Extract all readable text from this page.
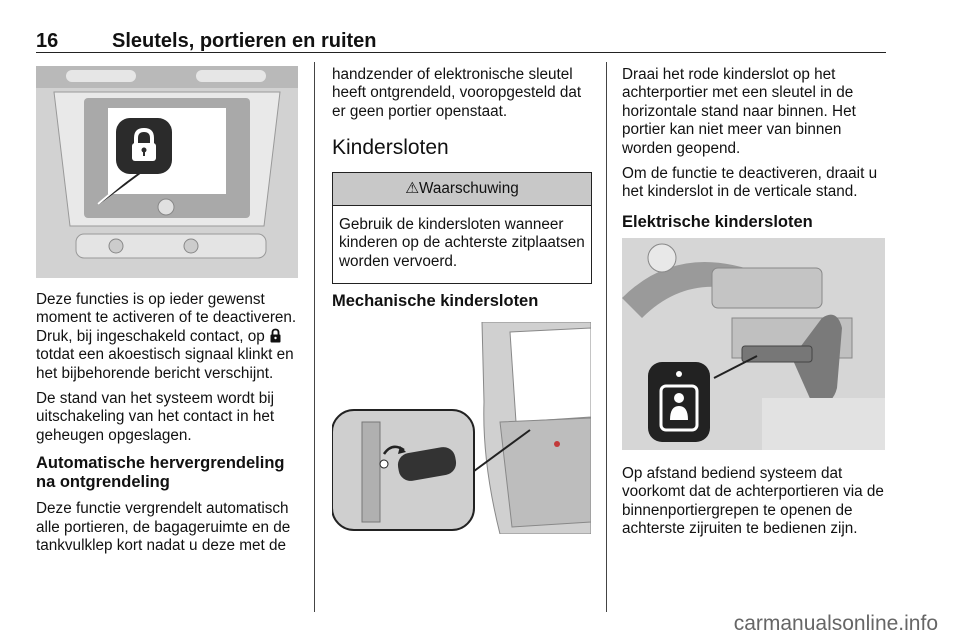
16	Sleutels, portieren en ruiten

Deze functies is op ieder gewenst moment te activeren of te deactiveren. Druk, bij ingeschakeld contact, op  totdat een akoestisch signaal klinkt en het bijbehorende bericht verschijnt.

De stand van het systeem wordt bij uitschakeling van het contact in het geheugen opgeslagen.

Automatische hervergrendeling na ontgrendeling

Deze functie vergrendelt automatisch alle portieren, de bagageruimte en de tankvulklep kort nadat u deze met de

handzender of elektronische sleutel heeft ontgrendeld, vooropgesteld dat er geen portier openstaat.

Kindersloten
⚠Waarschuwing

Gebruik de kindersloten wanneer kinderen op de achterste zitplaatsen worden vervoerd.

Mechanische kindersloten

Draai het rode kinderslot op het achterportier met een sleutel in de horizontale stand naar binnen. Het portier kan niet meer van binnen worden geopend.

Om de functie te deactiveren, draait u het kinderslot in de verticale stand.

Elektrische kindersloten

Op afstand bediend systeem dat voorkomt dat de achterportieren via de binnenportiergrepen te openen de achterste zijruiten te bedienen zijn.

carmanualsonline.info
